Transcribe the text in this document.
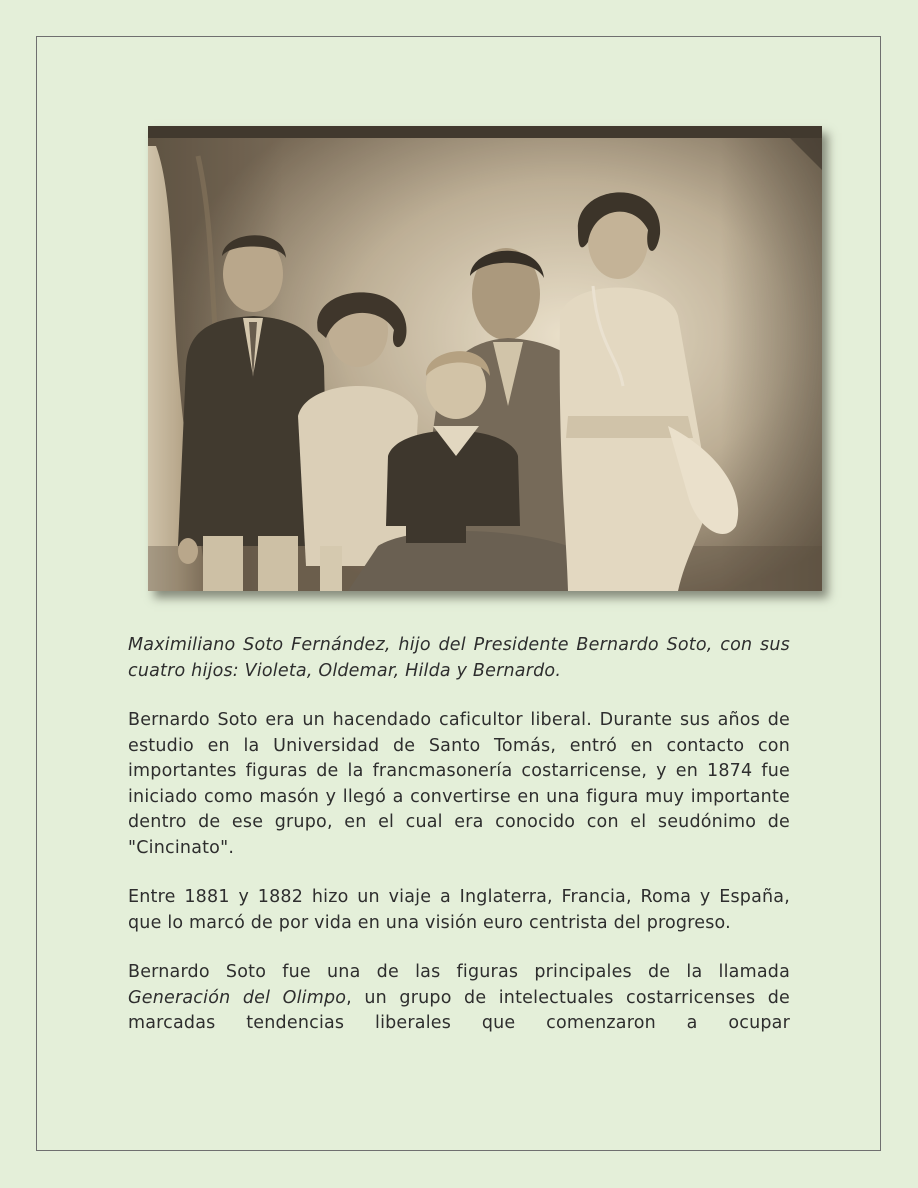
Maximiliano Soto Fernández, hijo del Presidente Bernardo Soto, con sus cuatro hijos: Violeta, Oldemar, Hilda y Bernardo.

Bernardo Soto era un hacendado caficultor liberal. Durante sus años de estudio en la Universidad de Santo Tomás, entró en contacto con importantes figuras de la francmasonería costarricense, y en 1874 fue iniciado como masón y llegó a convertirse en una figura muy importante dentro de ese grupo, en el cual era conocido con el seudónimo de "Cincinato".

Entre 1881 y 1882 hizo un viaje a Inglaterra, Francia, Roma y España, que lo marcó de por vida en una visión euro centrista del progreso.

Bernardo Soto fue una de las figuras principales de la llamada Generación del Olimpo, un grupo de intelectuales costarricenses de marcadas tendencias liberales que comenzaron a ocupar
